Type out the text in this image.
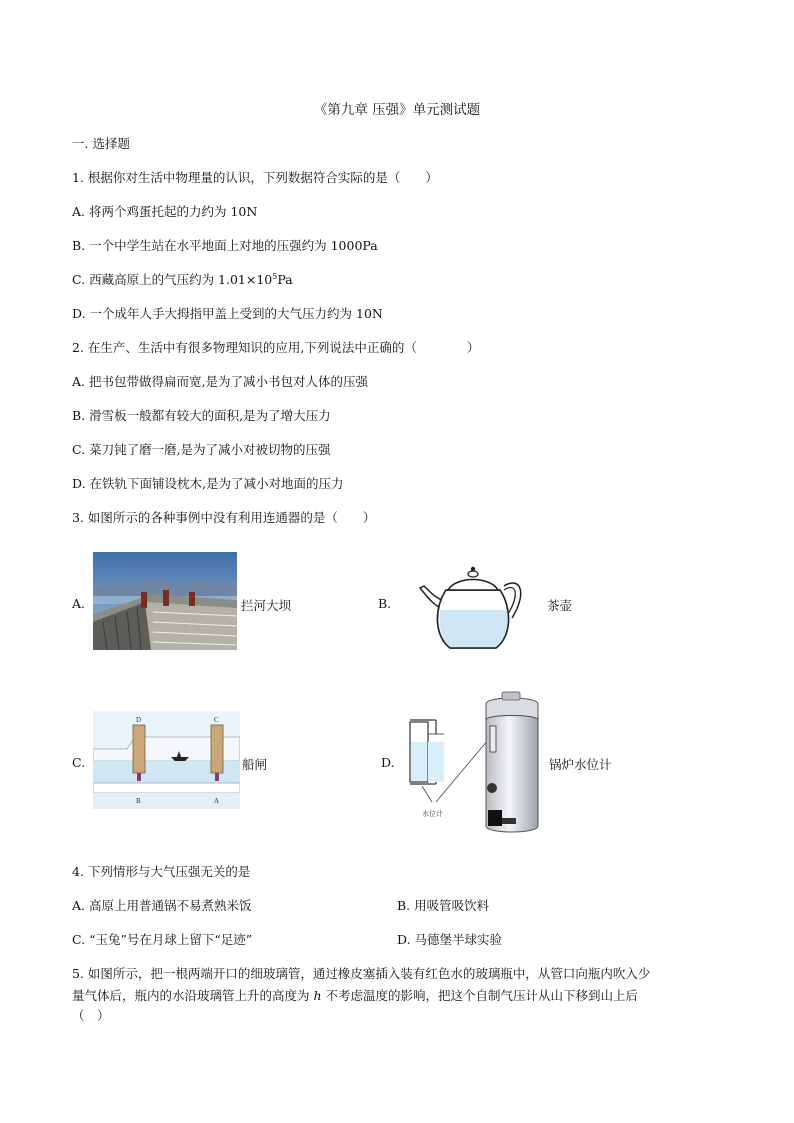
《第九章 压强》单元测试题
一. 选择题
1. 根据你对生活中物理量的认识，下列数据符合实际的是（　　）
A. 将两个鸡蛋托起的力约为 10N
B. 一个中学生站在水平地面上对地的压强约为 1000Pa
C. 西藏高原上的气压约为 $1.01\times 10^5Pa$
D. 一个成年人手大拇指甲盖上受到的大气压力约为 10N
2. 在生产、生活中有很多物理知识的应用,下列说法中正确的（　　　　）
A. 把书包带做得扁而宽,是为了减小书包对人体的压强
B. 滑雪板一般都有较大的面积,是为了增大压力
C. 菜刀钝了磨一磨,是为了减小对被切物的压强
D. 在铁轨下面铺设枕木,是为了减小对地面的压力
3. 如图所示的各种事例中没有利用连通器的是（　　）
A.	拦河大坝	B.	茶壶
C.
D	C
B	A
船闸	D.
水位计
锅炉水位计
4. 下列情形与大气压强无关的是
A. 高原上用普通锅不易煮熟米饭	B. 用吸管吸饮料
C. “玉兔”号在月球上留下“足迹”	D. 马德堡半球实验
5. 如图所示，把一根两端开口的细玻璃管，通过橡皮塞插入装有红色水的玻璃瓶中，从管口向瓶内吹入少
量气体后，瓶内的水沿玻璃管上升的高度为 h 不考虑温度的影响，把这个自制气压计从山下移到山上后
（　）
